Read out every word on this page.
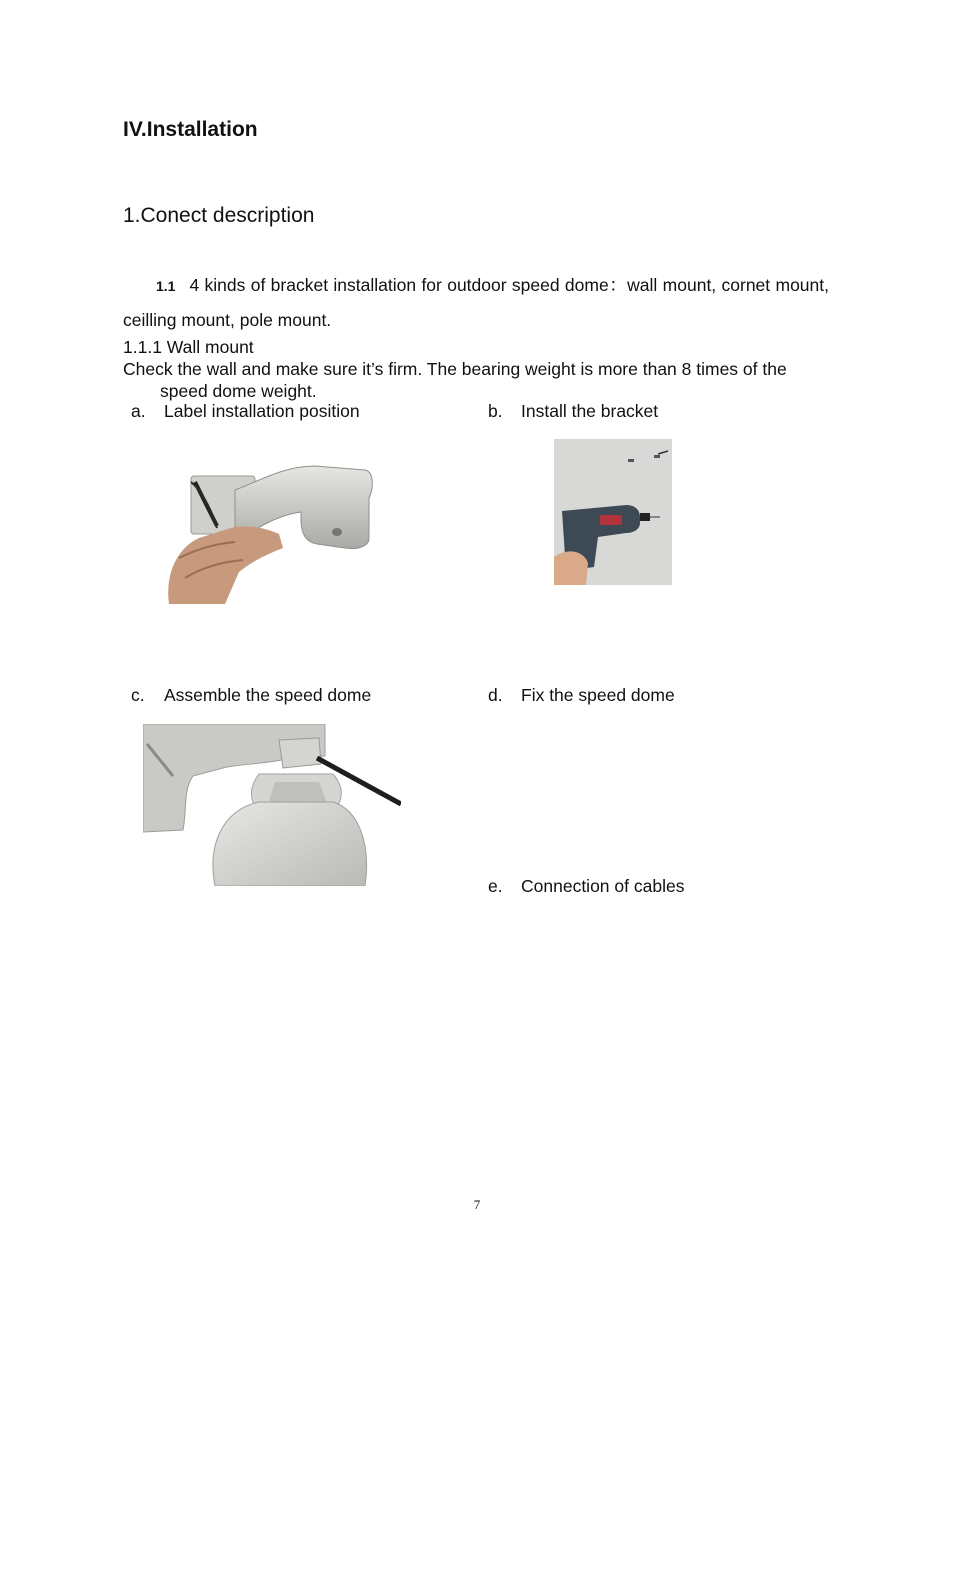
IV.Installation
1.Conect description
1.1 4 kinds of bracket installation for outdoor speed dome：wall mount, cornet mount, ceilling mount, pole mount.
1.1.1 Wall mount
Check the wall and make sure it’s firm. The bearing weight is more than 8 times of the
speed dome weight.
a. Label installation position	b. Install the bracket
c. Assemble the speed dome	d. Fix the speed dome
e. Connection of cables
7
